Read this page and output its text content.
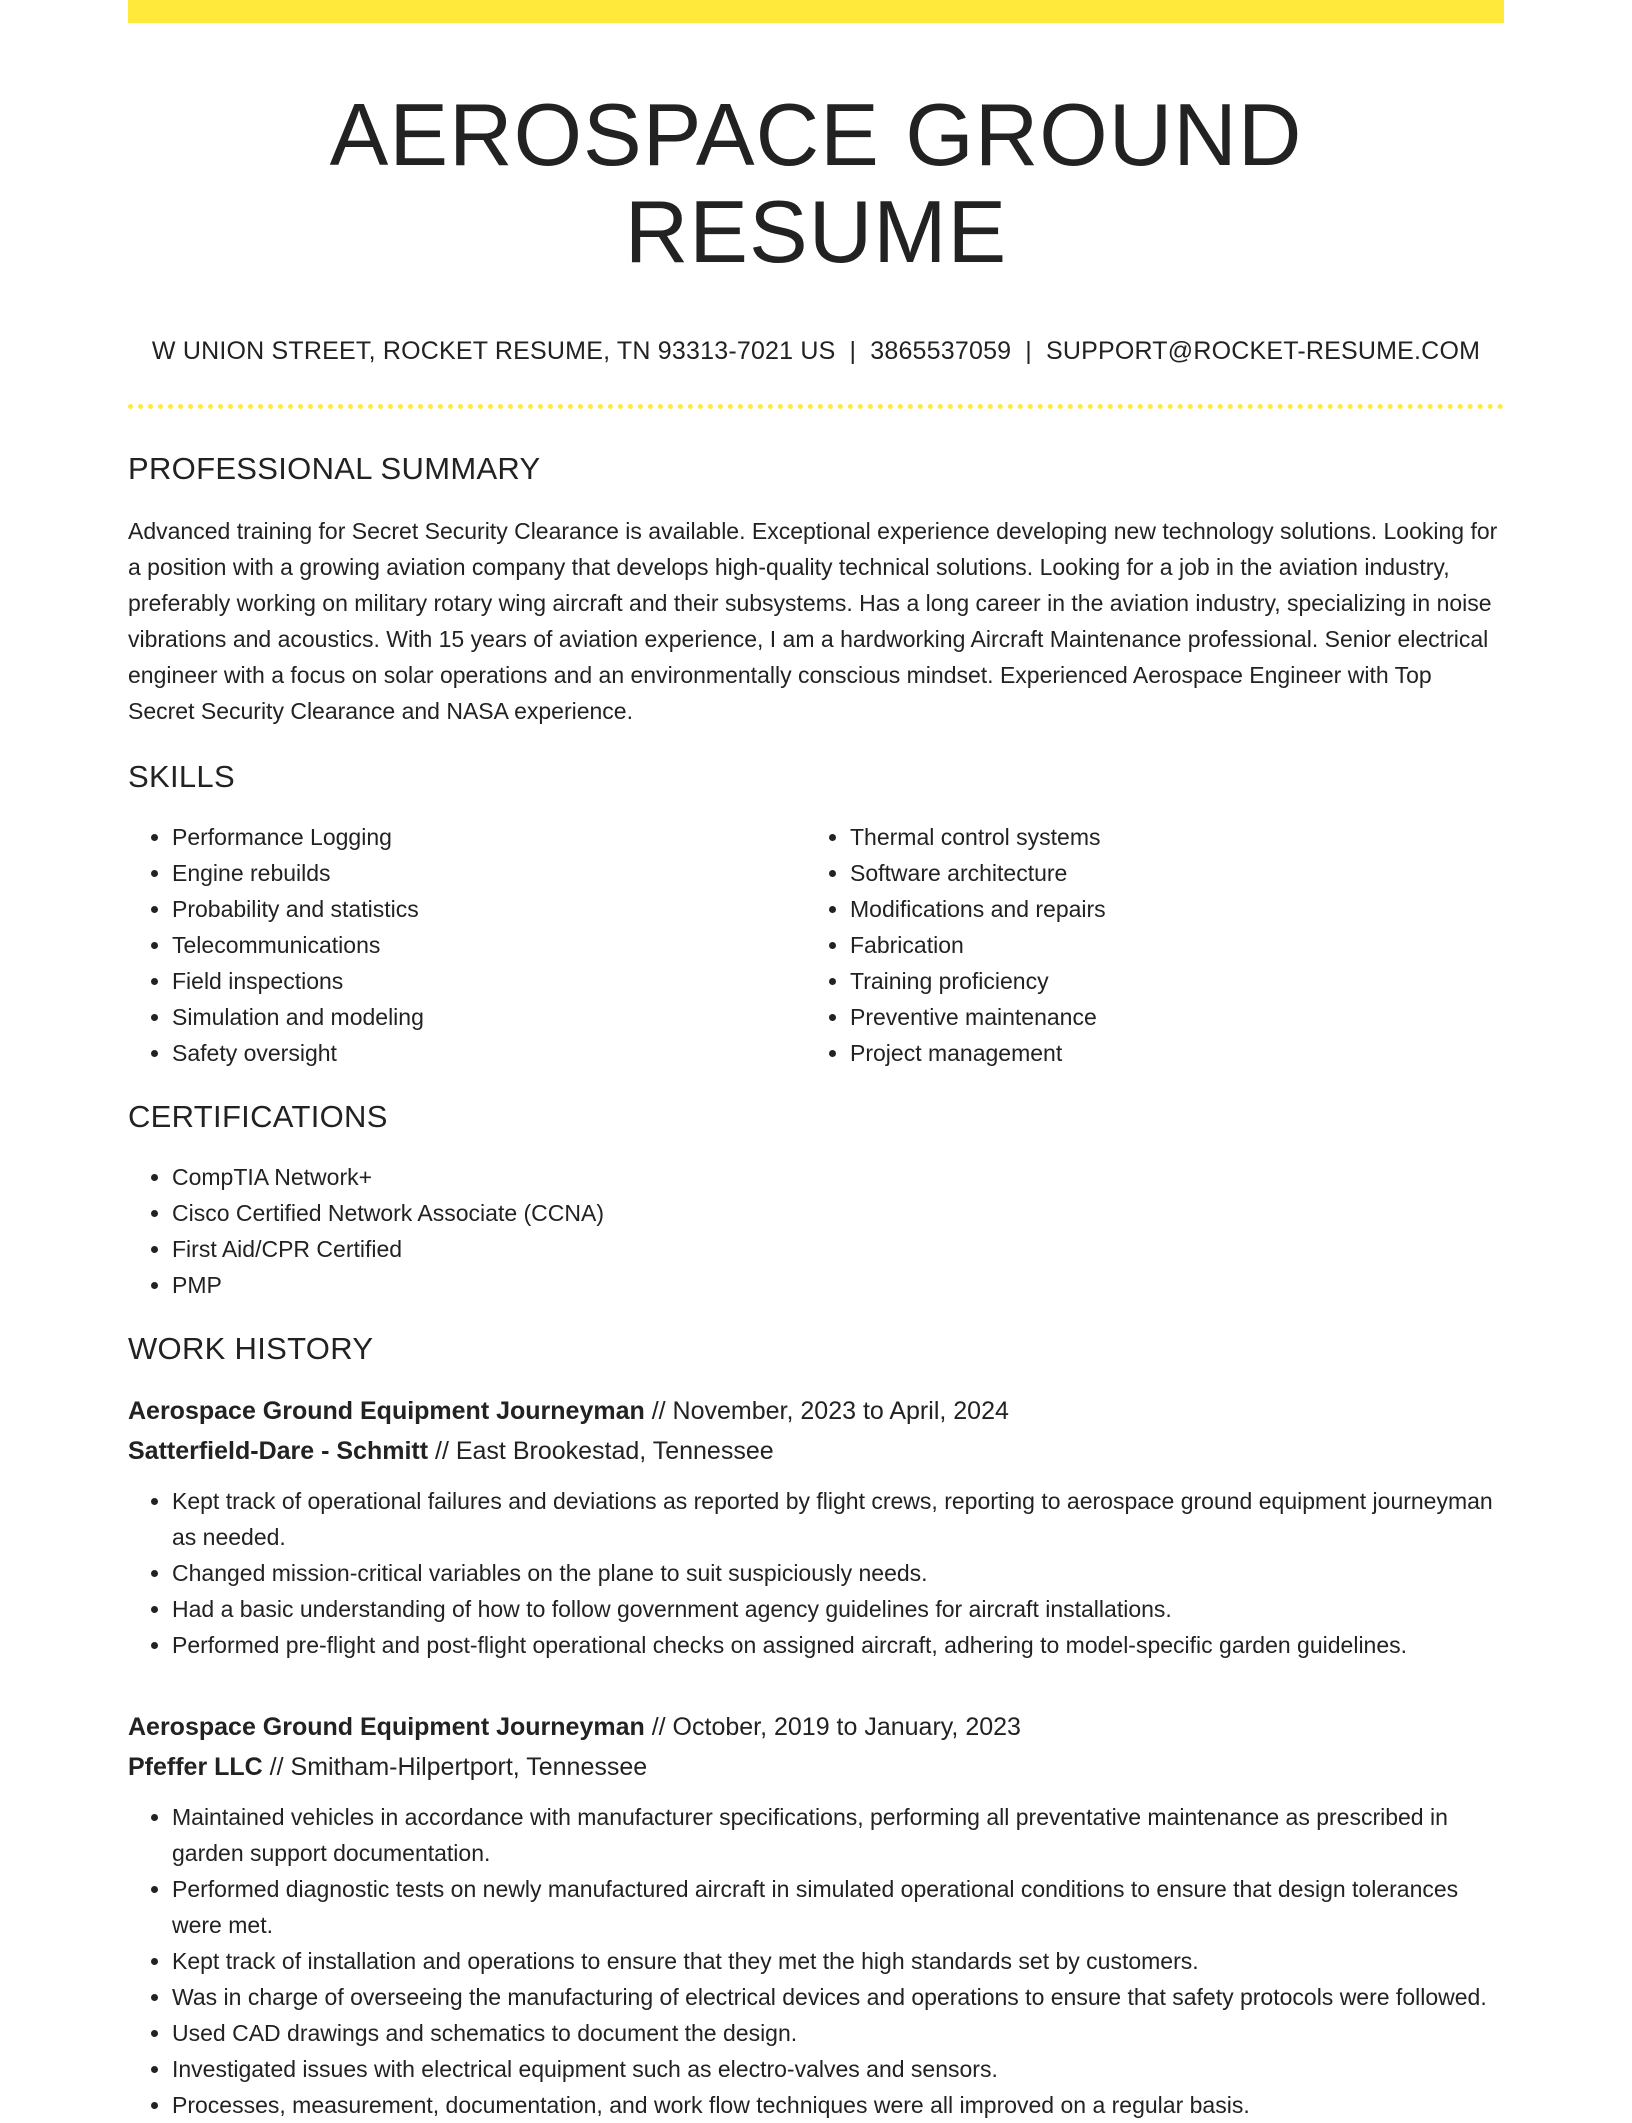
AEROSPACE GROUND RESUME
W UNION STREET, ROCKET RESUME, TN 93313-7021 US | 3865537059 | SUPPORT@ROCKET-RESUME.COM
PROFESSIONAL SUMMARY

Advanced training for Secret Security Clearance is available. Exceptional experience developing new technology solutions. Looking for a position with a growing aviation company that develops high-quality technical solutions. Looking for a job in the aviation industry, preferably working on military rotary wing aircraft and their subsystems. Has a long career in the aviation industry, specializing in noise vibrations and acoustics. With 15 years of aviation experience, I am a hardworking Aircraft Maintenance professional. Senior electrical engineer with a focus on solar operations and an environmentally conscious mindset. Experienced Aerospace Engineer with Top Secret Security Clearance and NASA experience.

SKILLS
• Performance Logging
• Engine rebuilds
• Probability and statistics
• Telecommunications
• Field inspections
• Simulation and modeling
• Safety oversight
• Thermal control systems
• Software architecture
• Modifications and repairs
• Fabrication
• Training proficiency
• Preventive maintenance
• Project management
CERTIFICATIONS
• CompTIA Network+
• Cisco Certified Network Associate (CCNA)
• First Aid/CPR Certified
• PMP
WORK HISTORY
Aerospace Ground Equipment Journeyman // November, 2023 to April, 2024
Satterfield-Dare - Schmitt // East Brookestad, Tennessee
• Kept track of operational failures and deviations as reported by flight crews, reporting to aerospace ground equipment journeyman as needed.
• Changed mission-critical variables on the plane to suit suspiciously needs.
• Had a basic understanding of how to follow government agency guidelines for aircraft installations.
• Performed pre-flight and post-flight operational checks on assigned aircraft, adhering to model-specific garden guidelines.
Aerospace Ground Equipment Journeyman // October, 2019 to January, 2023
Pfeffer LLC // Smitham-Hilpertport, Tennessee
• Maintained vehicles in accordance with manufacturer specifications, performing all preventative maintenance as prescribed in garden support documentation.
• Performed diagnostic tests on newly manufactured aircraft in simulated operational conditions to ensure that design tolerances were met.
• Kept track of installation and operations to ensure that they met the high standards set by customers.
• Was in charge of overseeing the manufacturing of electrical devices and operations to ensure that safety protocols were followed.
• Used CAD drawings and schematics to document the design.
• Investigated issues with electrical equipment such as electro-valves and sensors.
• Processes, measurement, documentation, and work flow techniques were all improved on a regular basis.
